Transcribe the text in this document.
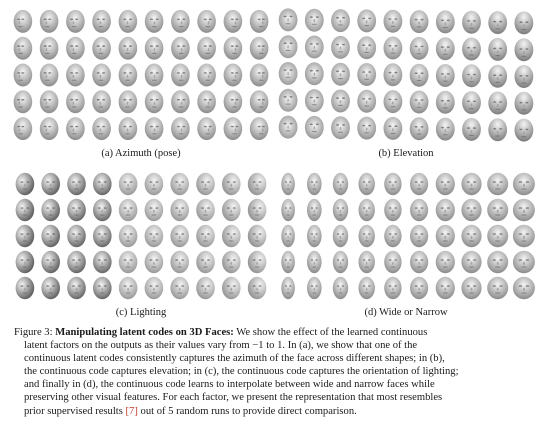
(a) Azimuth (pose)	(b) Elevation
(c) Lighting	(d) Wide or Narrow
Figure 3: Manipulating latent codes on 3D Faces: We show the effect of the learned continuous
latent factors on the outputs as their values vary from −1 to 1. In (a), we show that one of the
continuous latent codes consistently captures the azimuth of the face across different shapes; in (b),
the continuous code captures elevation; in (c), the continuous code captures the orientation of lighting;
and finally in (d), the continuous code learns to interpolate between wide and narrow faces while
preserving other visual features. For each factor, we present the representation that most resembles
prior supervised results [7] out of 5 random runs to provide direct comparison.
